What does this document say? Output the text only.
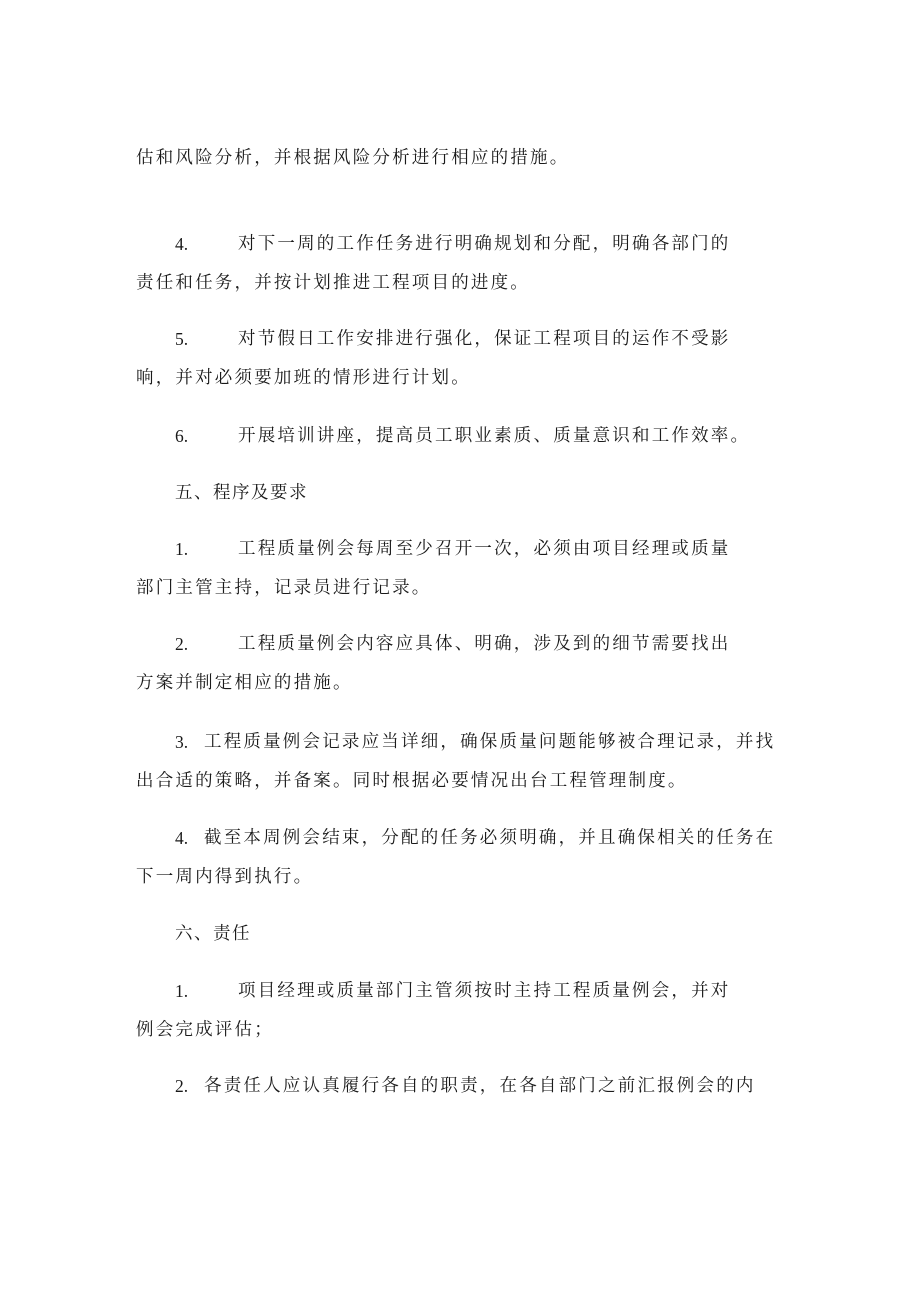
估和风险分析，并根据风险分析进行相应的措施。
4.	对下一周的工作任务进行明确规划和分配，明确各部门的
责任和任务，并按计划推进工程项目的进度。
5.	对节假日工作安排进行强化，保证工程项目的运作不受影
响，并对必须要加班的情形进行计划。
6.	开展培训讲座，提高员工职业素质、质量意识和工作效率。
五、程序及要求
1.	工程质量例会每周至少召开一次，必须由项目经理或质量
部门主管主持，记录员进行记录。
2.	工程质量例会内容应具体、明确，涉及到的细节需要找出
方案并制定相应的措施。
3. 工程质量例会记录应当详细，确保质量问题能够被合理记录，并找
出合适的策略，并备案。同时根据必要情况出台工程管理制度。
4. 截至本周例会结束，分配的任务必须明确，并且确保相关的任务在
下一周内得到执行。
六、责任
1.	项目经理或质量部门主管须按时主持工程质量例会，并对
例会完成评估；
2. 各责任人应认真履行各自的职责，在各自部门之前汇报例会的内
